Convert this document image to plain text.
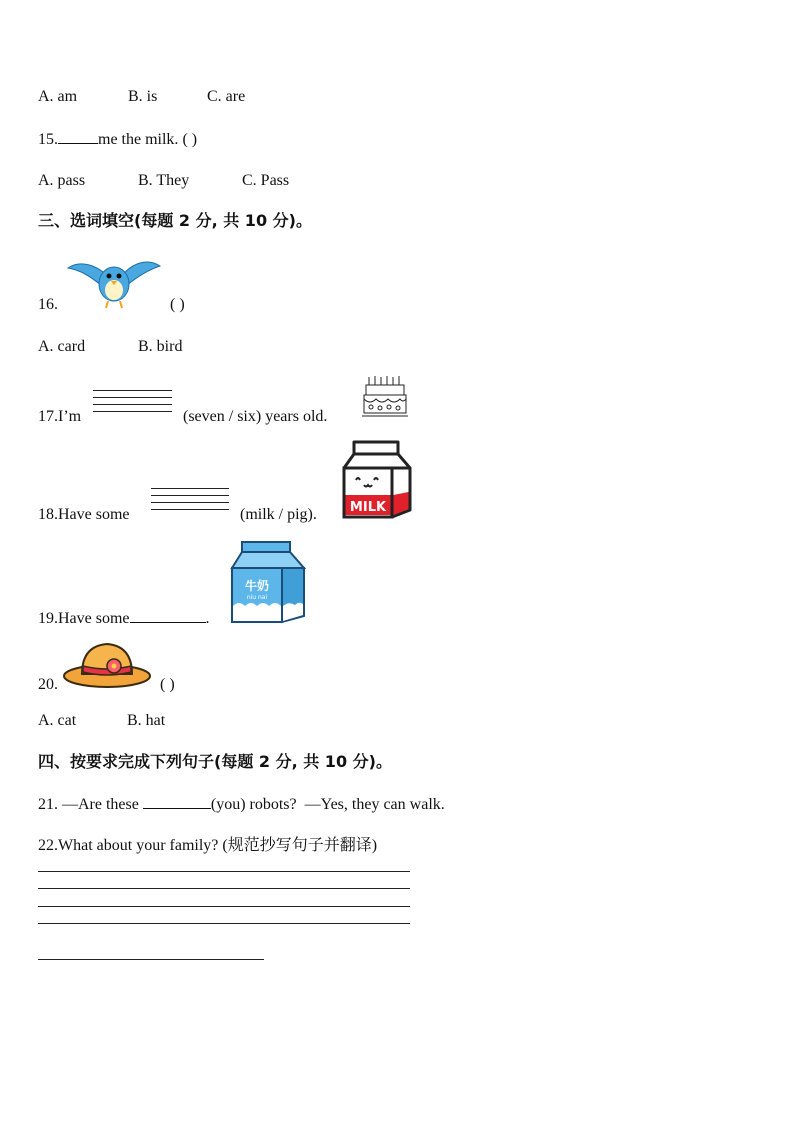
A. am	B. is	C. are
15.	me the milk. ( )
A. pass	B. They	C. Pass
三、选词填空(每题 2 分, 共 10 分)。
16.	( )
A. card	B. bird
17.I’m	(seven / six) years old.
18.Have some	(milk / pig).	MILK
19.Have some	.
牛奶
niu nai
20.	( )
A. cat	B. hat
四、按要求完成下列句子(每题 2 分, 共 10 分)。
21. —Are these	(you) robots? —Yes, they can walk.
22.What about your family? (规范抄写句子并翻译)
